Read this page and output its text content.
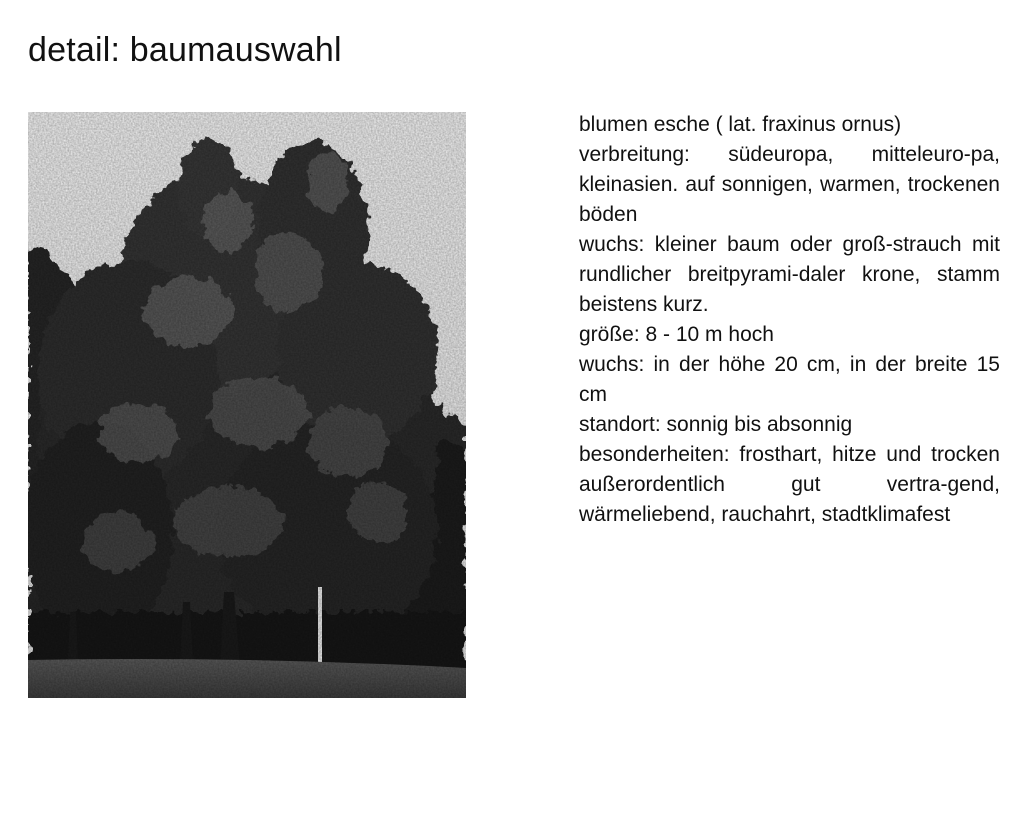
detail: baumauswahl

blumen esche ( lat. fraxinus ornus)

verbreitung: südeuropa, mitteleuro-pa, kleinasien. auf sonnigen, warmen, trockenen böden

wuchs: kleiner baum oder groß-strauch mit rundlicher breitpyrami-daler krone, stamm beistens kurz.

größe: 8 - 10 m hoch

wuchs: in der höhe 20 cm, in der breite 15 cm

standort: sonnig bis absonnig

besonderheiten: frosthart, hitze und trocken außerordentlich gut vertra-gend, wärmeliebend, rauchahrt, stadtklimafest
